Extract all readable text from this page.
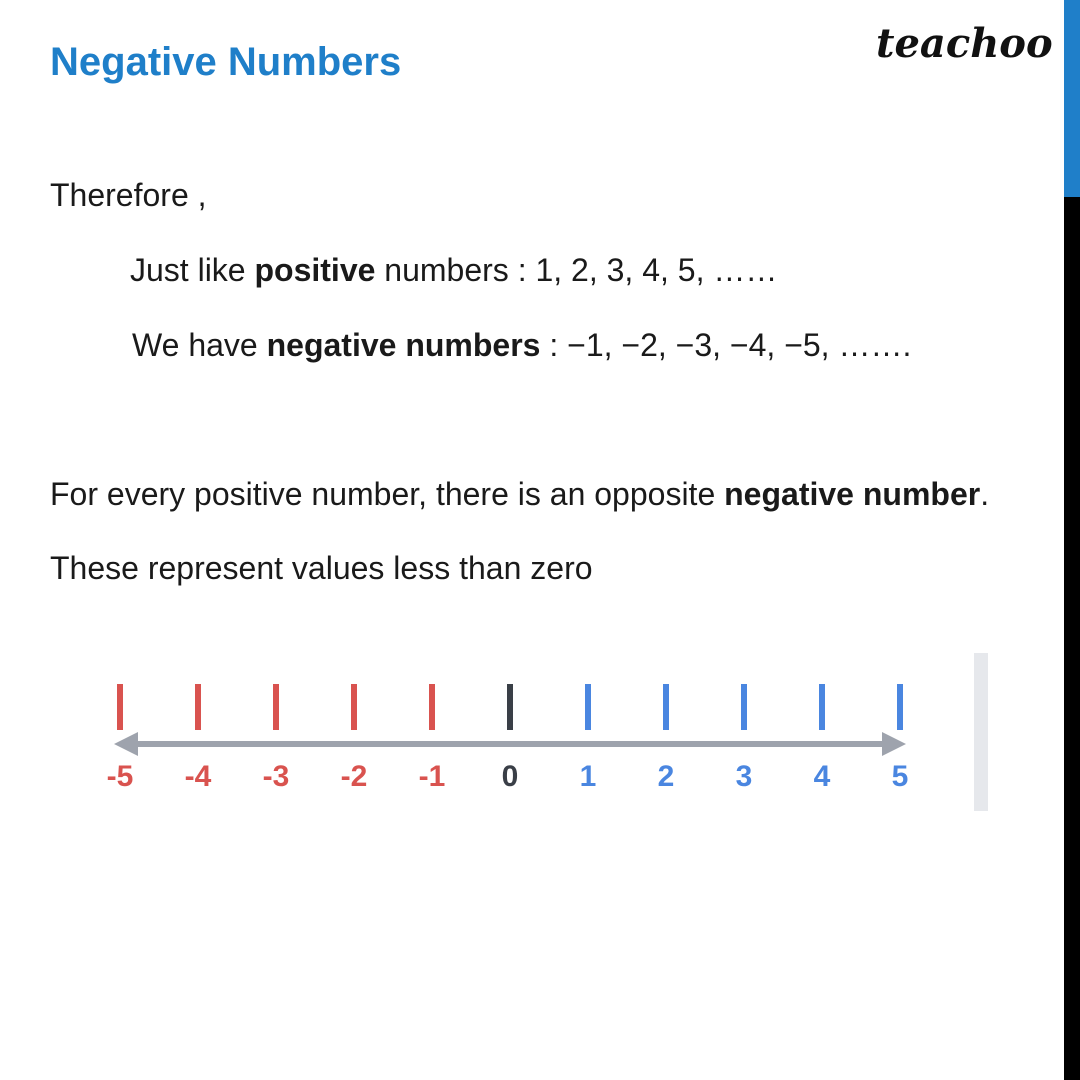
Negative Numbers	teachoo
Therefore ,
Just like positive numbers : 1, 2, 3, 4, 5, ……
We have negative numbers : −1, −2, −3, −4, −5, …….
For every positive number, there is an opposite negative number.
These represent values less than zero
-5 -4 -3 -2 -1 0 1 2 3 4 5
